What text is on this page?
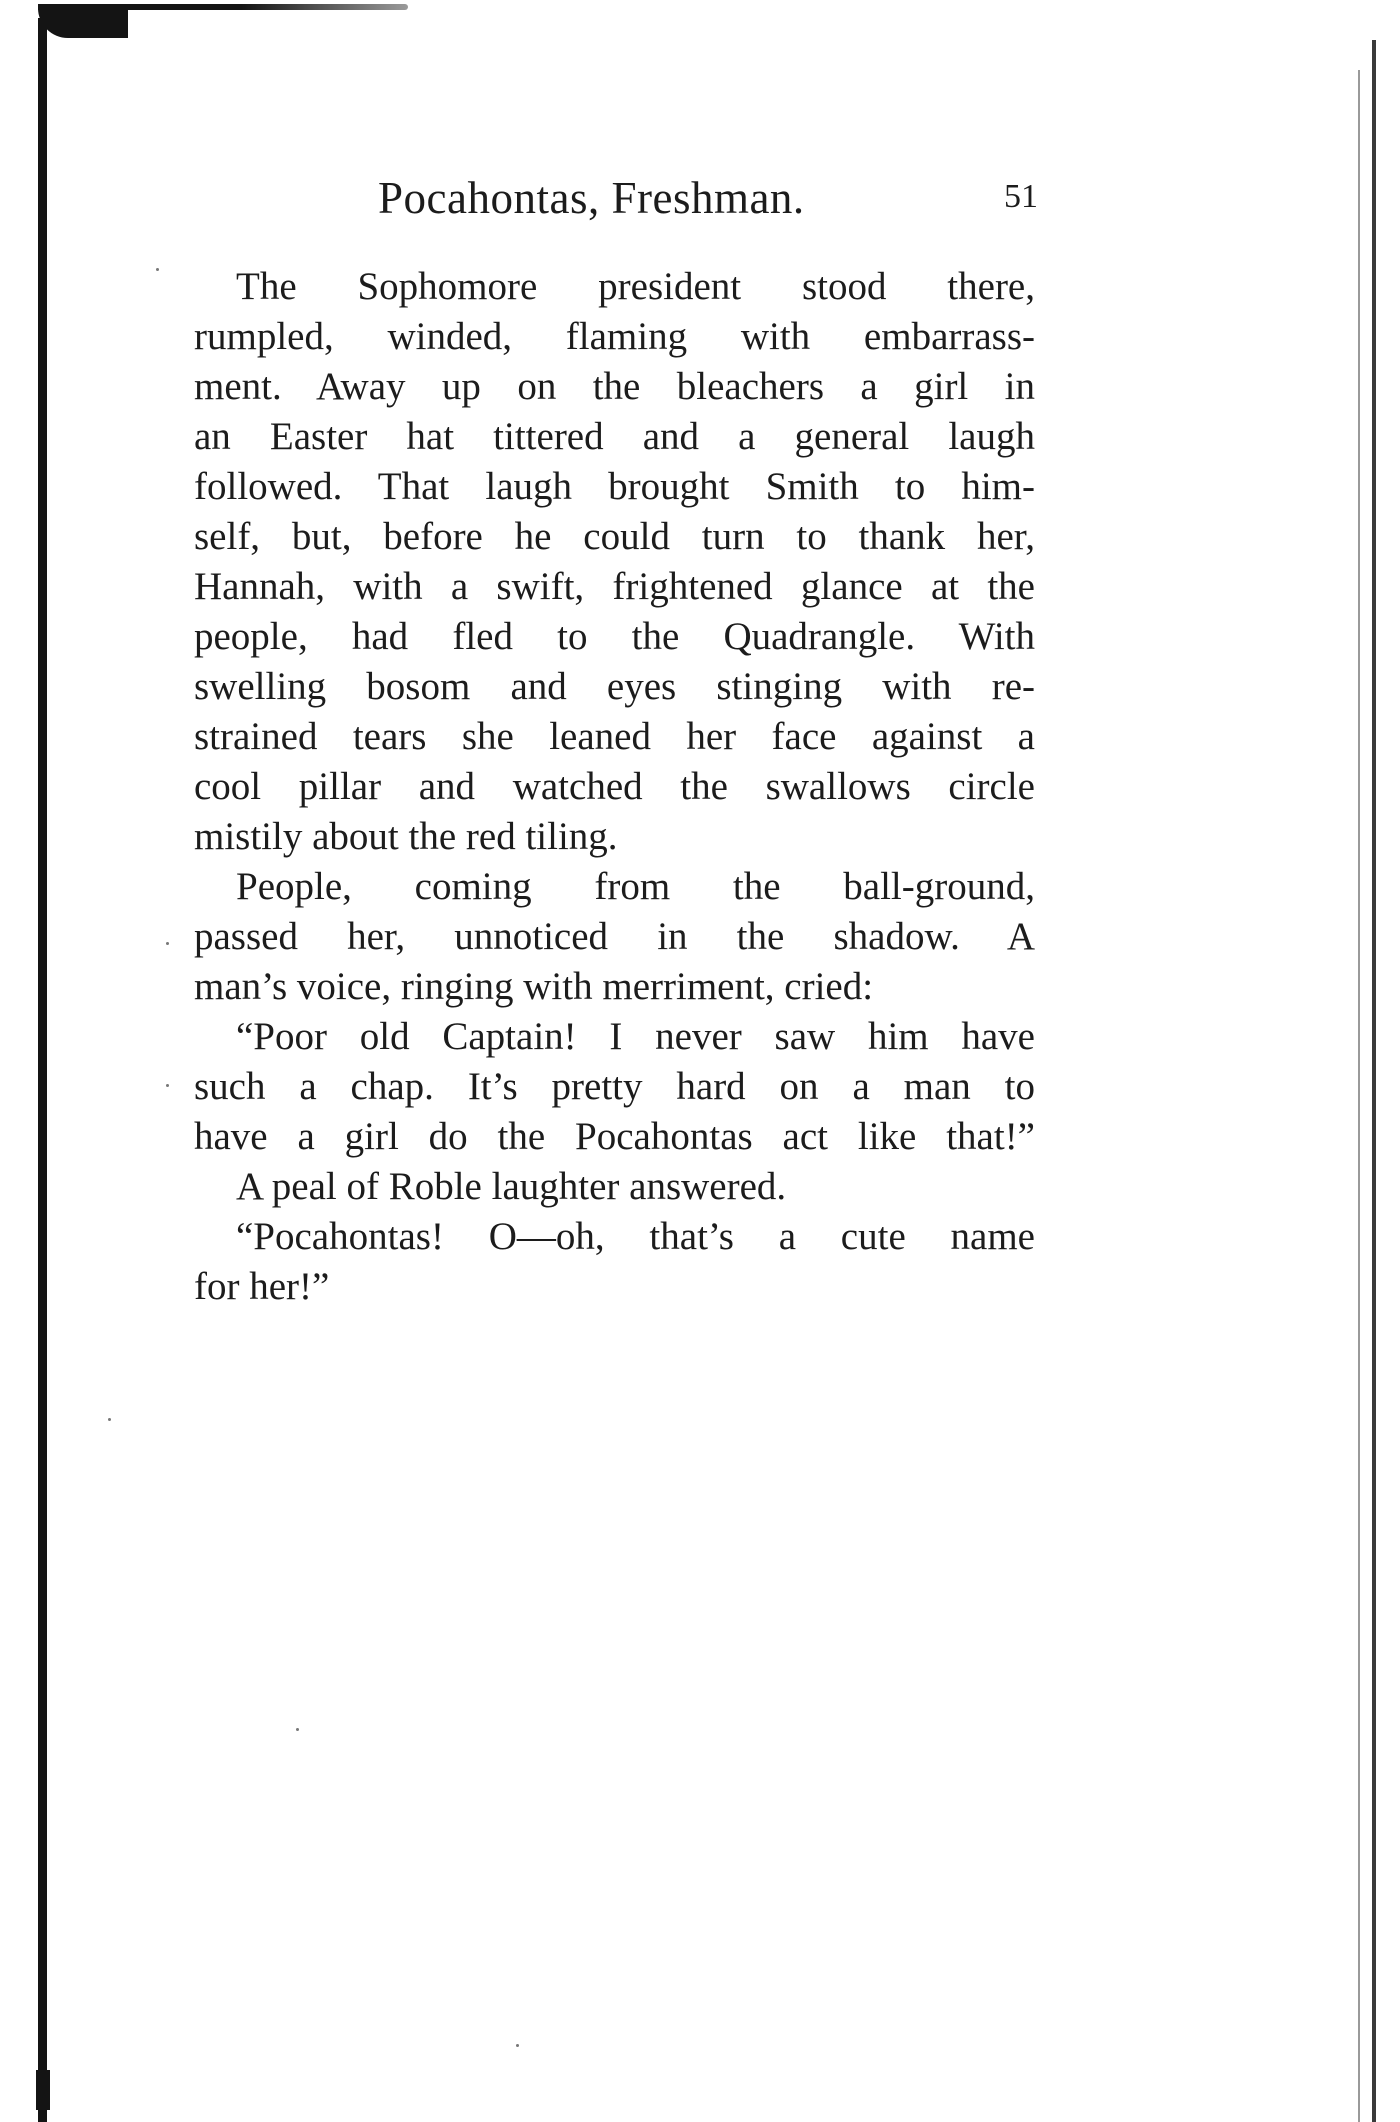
Pocahontas, Freshman.	51
The Sophomore president stood there,
rumpled, winded, flaming with embarrass-
ment. Away up on the bleachers a girl in
an Easter hat tittered and a general laugh
followed. That laugh brought Smith to him-
self, but, before he could turn to thank her,
Hannah, with a swift, frightened glance at the
people, had fled to the Quadrangle. With
swelling bosom and eyes stinging with re-
strained tears she leaned her face against a
cool pillar and watched the swallows circle
mistily about the red tiling.
People, coming from the ball-ground,
passed her, unnoticed in the shadow. A
man’s voice, ringing with merriment, cried:
“Poor old Captain! I never saw him have
such a chap. It’s pretty hard on a man to
have a girl do the Pocahontas act like that!”
A peal of Roble laughter answered.
“Pocahontas! O—oh, that’s a cute name
for her!”
